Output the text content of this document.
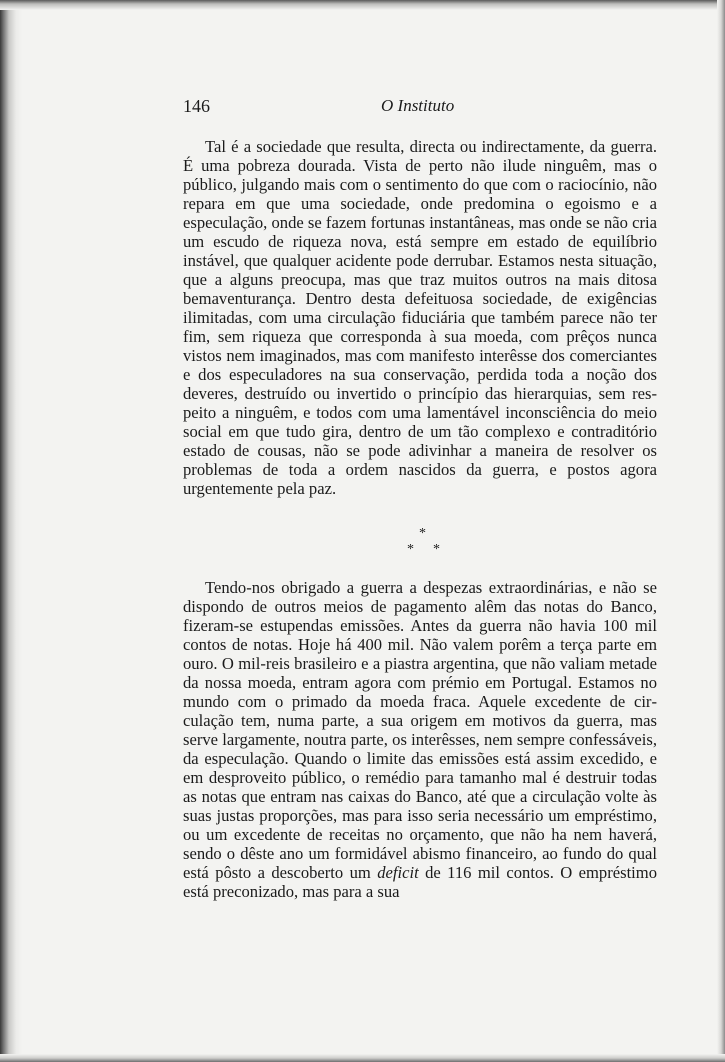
146	O Instituto

Tal é a sociedade que resulta, directa ou indirectamente, da guerra. É uma pobreza dourada. Vista de perto não ilude ninguêm, mas o público, julgando mais com o sentimento do que com o raciocínio, não repara em que uma sociedade, onde predomina o egoismo e a especulação, onde se fazem fortunas instantâneas, mas onde se não cria um escudo de riqueza nova, está sempre em estado de equilíbrio instável, que qualquer acidente pode derrubar. Estamos nesta situação, que a alguns preocupa, mas que traz muitos outros na mais ditosa bemaventurança. Dentro desta defeituosa sociedade, de exigências ilimitadas, com uma circulação fiduciária que também parece não ter fim, sem riqueza que corresponda à sua moeda, com prêços nunca vistos nem imaginados, mas com manifesto interêsse dos comerciantes e dos especuladores na sua conservação, perdida toda a noção dos deveres, destruído ou invertido o princípio das hierarquias, sem respeito a ninguêm, e todos com uma lamentável inconsciência do meio social em que tudo gira, dentro de um tão complexo e contraditório estado de cousas, não se pode adivinhar a maneira de resolver os problemas de toda a ordem nascidos da guerra, e postos agora urgentemente pela paz.

*
* *

Tendo-nos obrigado a guerra a despezas extraordinárias, e não se dispondo de outros meios de pagamento alêm das notas do Banco, fizeram-se estupendas emissões. Antes da guerra não havia 100 mil contos de notas. Hoje há 400 mil. Não valem porêm a terça parte em ouro. O mil-reis brasileiro e a piastra argentina, que não valiam metade da nossa moeda, entram agora com prémio em Portugal. Estamos no mundo com o primado da moeda fraca. Aquele excedente de circulação tem, numa parte, a sua origem em motivos da guerra, mas serve largamente, noutra parte, os interêsses, nem sempre confessáveis, da especulação. Quando o limite das emissões está assim excedido, e em desproveito público, o remédio para tamanho mal é destruir todas as notas que entram nas caixas do Banco, até que a circulação volte às suas justas proporções, mas para isso seria necessário um empréstimo, ou um excedente de receitas no orçamento, que não ha nem haverá, sendo o dêste ano um formidável abismo financeiro, ao fundo do qual está pôsto a descoberto um deficit de 116 mil contos. O empréstimo está preconizado, mas para a sua
